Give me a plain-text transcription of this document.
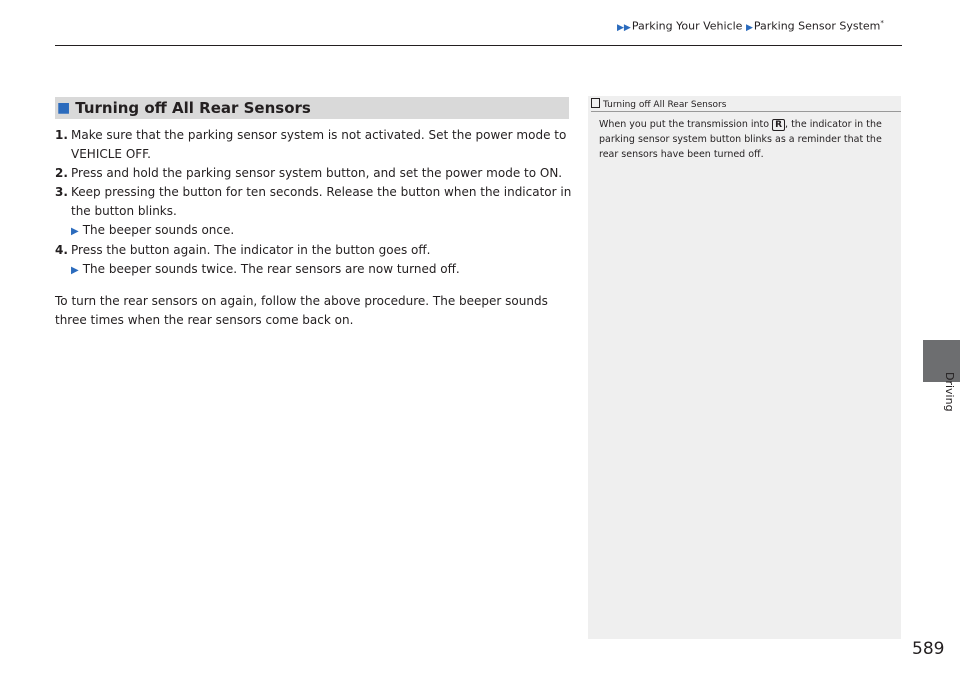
▶▶Parking Your Vehicle ▶Parking Sensor System*
■ Turning off All Rear Sensors
1. Make sure that the parking sensor system is not activated. Set the power mode to VEHICLE OFF.
2. Press and hold the parking sensor system button, and set the power mode to ON.
3. Keep pressing the button for ten seconds. Release the button when the indicator in the button blinks.
▶ The beeper sounds once.
4. Press the button again. The indicator in the button goes off.
▶ The beeper sounds twice. The rear sensors are now turned off.
To turn the rear sensors on again, follow the above procedure. The beeper sounds three times when the rear sensors come back on.
Turning off All Rear Sensors
When you put the transmission into R , the indicator in the parking sensor system button blinks as a reminder that the rear sensors have been turned off.
Driving
589
